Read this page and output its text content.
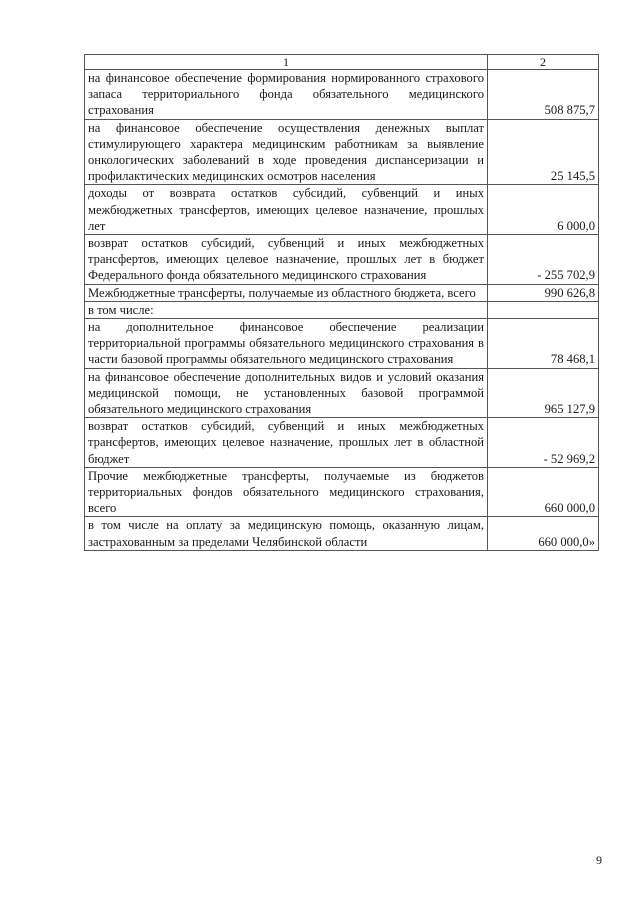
1	2
на финансовое обеспечение формирования нормированного страхового запаса территориального фонда обязательного медицинского страхования	508 875,7
на финансовое обеспечение осуществления денежных выплат стимулирующего характера медицинским работникам за выявление онкологических заболеваний в ходе проведения диспансеризации и профилактических медицинских осмотров населения	25 145,5
доходы от возврата остатков субсидий, субвенций и иных межбюджетных трансфертов, имеющих целевое назначение, прошлых лет	6 000,0
возврат остатков субсидий, субвенций и иных межбюджетных трансфертов, имеющих целевое назначение, прошлых лет в бюджет Федерального фонда обязательного медицинского страхования	- 255 702,9
Межбюджетные трансферты, получаемые из областного бюджета, всего	990 626,8
в том числе:	
на дополнительное финансовое обеспечение реализации территориальной программы обязательного медицинского страхования в части базовой программы обязательного медицинского страхования	78 468,1
на финансовое обеспечение дополнительных видов и условий оказания медицинской помощи, не установленных базовой программой обязательного медицинского страхования	965 127,9
возврат остатков субсидий, субвенций и иных межбюджетных трансфертов, имеющих целевое назначение, прошлых лет в областной бюджет	- 52 969,2
Прочие межбюджетные трансферты, получаемые из бюджетов территориальных фондов обязательного медицинского страхования, всего	660 000,0
в том числе на оплату за медицинскую помощь, оказанную лицам, застрахованным за пределами Челябинской области	660 000,0»
9
